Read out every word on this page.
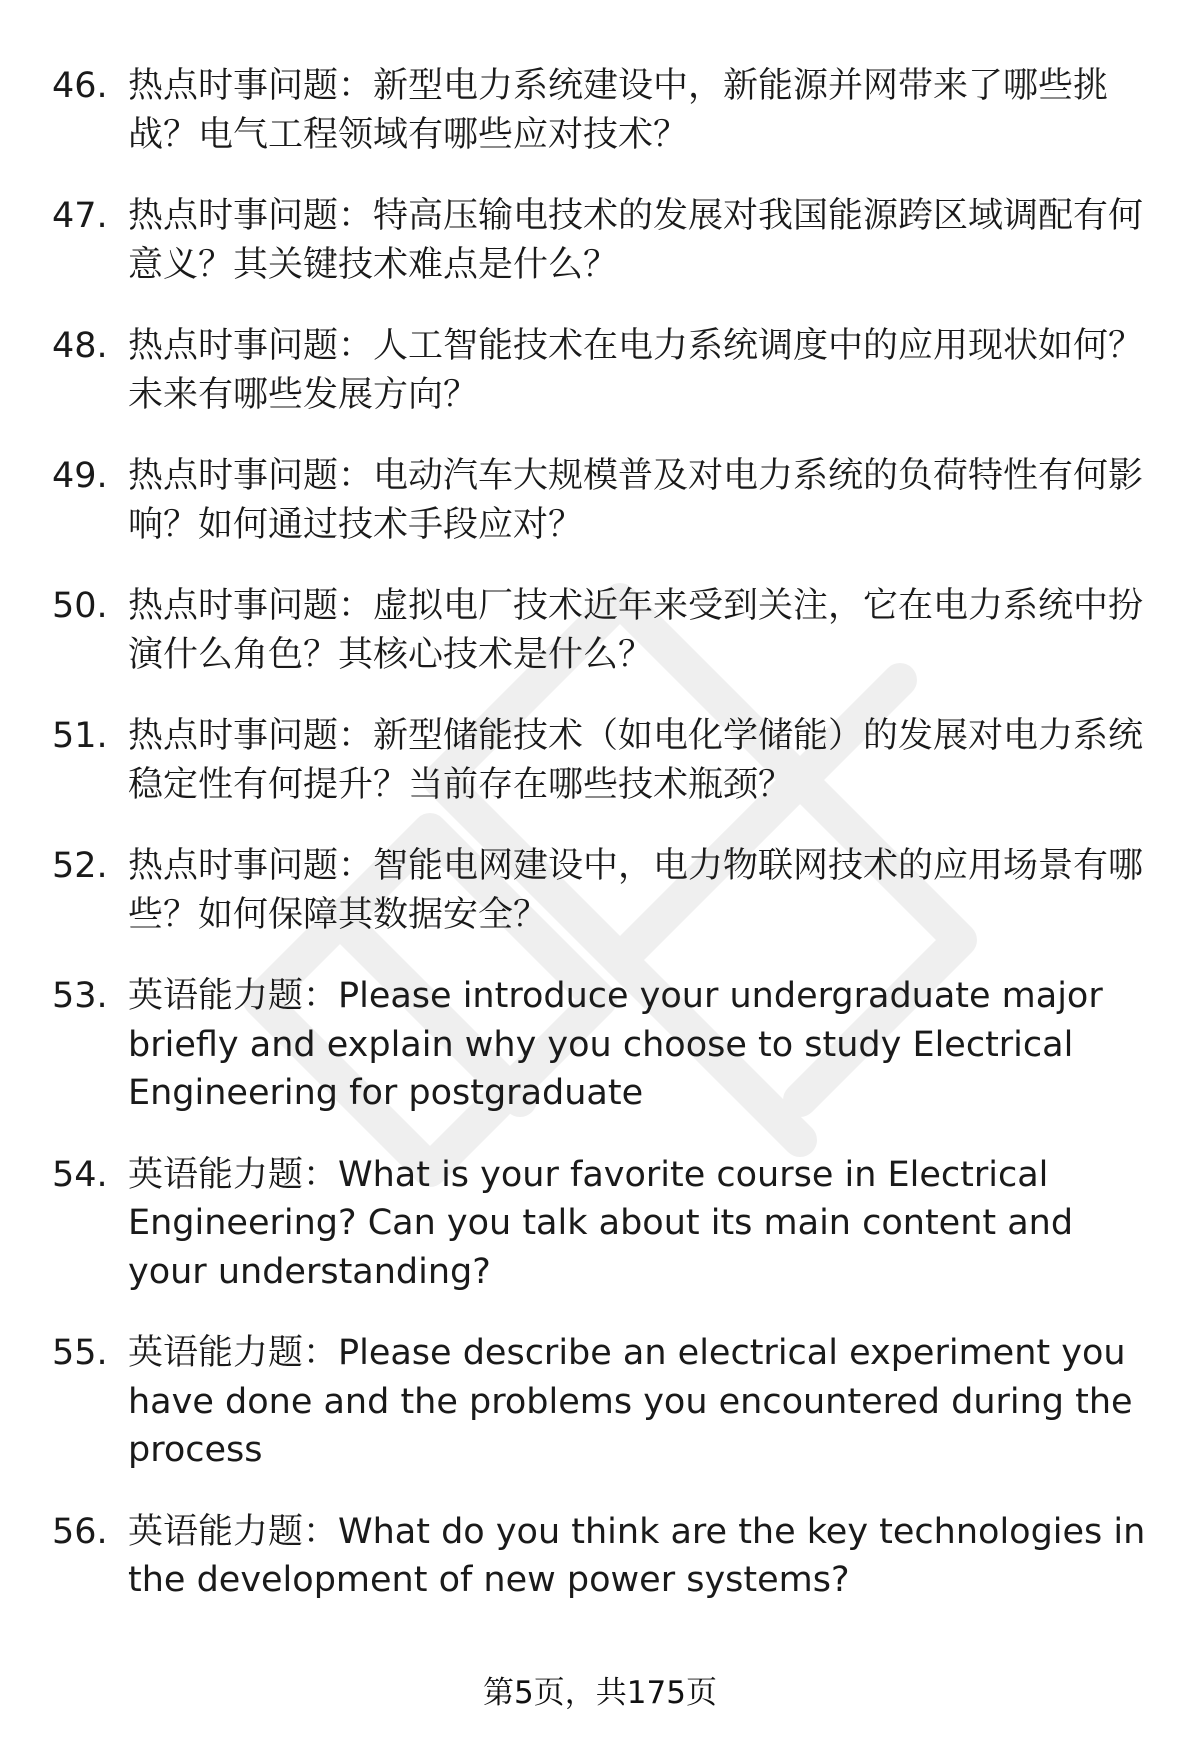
46. 热点时事问题：新型电力系统建设中，新能源并网带来了哪些挑战？电气工程领域有哪些应对技术？
47. 热点时事问题：特高压输电技术的发展对我国能源跨区域调配有何意义？其关键技术难点是什么？
48. 热点时事问题：人工智能技术在电力系统调度中的应用现状如何？未来有哪些发展方向？
49. 热点时事问题：电动汽车大规模普及对电力系统的负荷特性有何影响？如何通过技术手段应对？
50. 热点时事问题：虚拟电厂技术近年来受到关注，它在电力系统中扮演什么角色？其核心技术是什么？
51. 热点时事问题：新型储能技术（如电化学储能）的发展对电力系统稳定性有何提升？当前存在哪些技术瓶颈？
52. 热点时事问题：智能电网建设中，电力物联网技术的应用场景有哪些？如何保障其数据安全？
53. 英语能力题：Please introduce your undergraduate major briefly and explain why you choose to study Electrical Engineering for postgraduate
54. 英语能力题：What is your favorite course in Electrical Engineering? Can you talk about its main content and your understanding?
55. 英语能力题：Please describe an electrical experiment you have done and the problems you encountered during the process
56. 英语能力题：What do you think are the key technologies in the development of new power systems?
第5页，共175页
